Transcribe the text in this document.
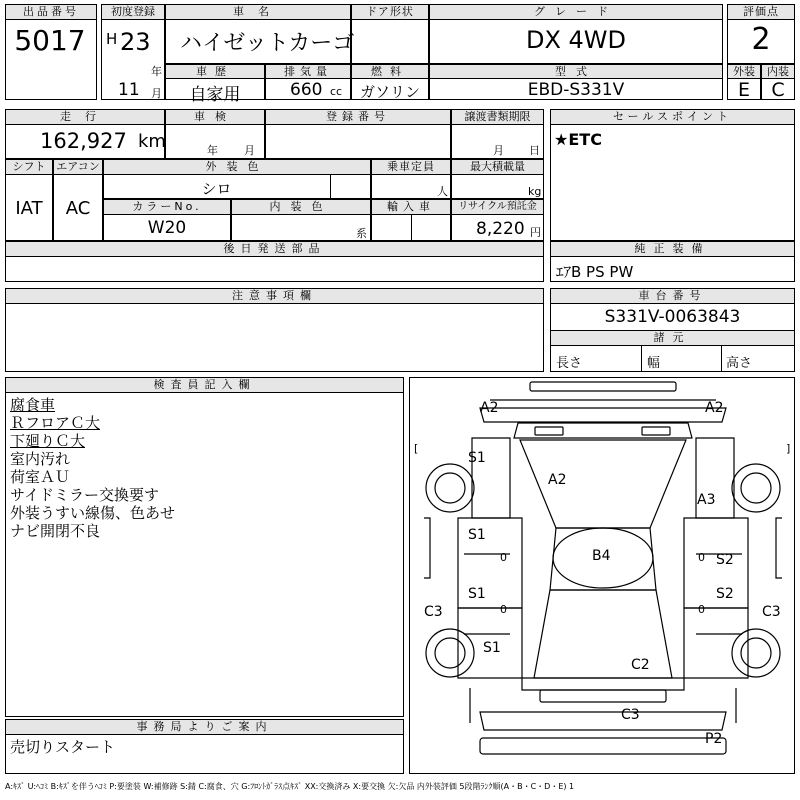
出品番号
5017
初度登録
H 23
年
11 月
車名
ハイゼットカーゴ
ドア形状	グレード
DX 4WD
評価点
2
車歴
自家用
排気量
660 cc
燃料
ガソリン
型式
EBD-S331V
外装
E
内装
C
走行
162,927 km
車検
年 月
登録番号	譲渡書類期限
月 日
シフト
IAT
エアコン
AC
外装色
シロ
乗車定員
人
最大積載量
kg
カラーNo.
W20
内装色
系
輸入車	リサイクル預託金
8,220 円
後日発送部品
セールスポイント
★ETC
純正装備
ｴｱB PS PW
注意事項欄	車台番号
S331V-0063843
諸元
長さ	幅	高さ
検査員記入欄
腐食車
ＲフロアＣ大
下廻りＣ大
室内汚れ
荷室ＡＵ
サイドミラー交換要す
外装うすい線傷、色あせ
ナビ開閉不良
事務局よりご案内
売切りスタート
A2	A2
A2
S1
A3
S1
S2
B4
S1	S2
C3	C3
S1
C2
C3
P2
[	]
0	0
0	0
A:ｷｽﾞ U:ﾍｺﾐ B:ｷｽﾞを伴うﾍｺﾐ P:要塗装 W:補修跡 S:錆 C:腐食、穴 G:ﾌﾛﾝﾄｶﾞﾗｽ点ｷｽﾞ XX:交換済み X:要交換 欠:欠品 内外装評価 5段階ﾗﾝｸ順(A・B・C・D・E) 1
